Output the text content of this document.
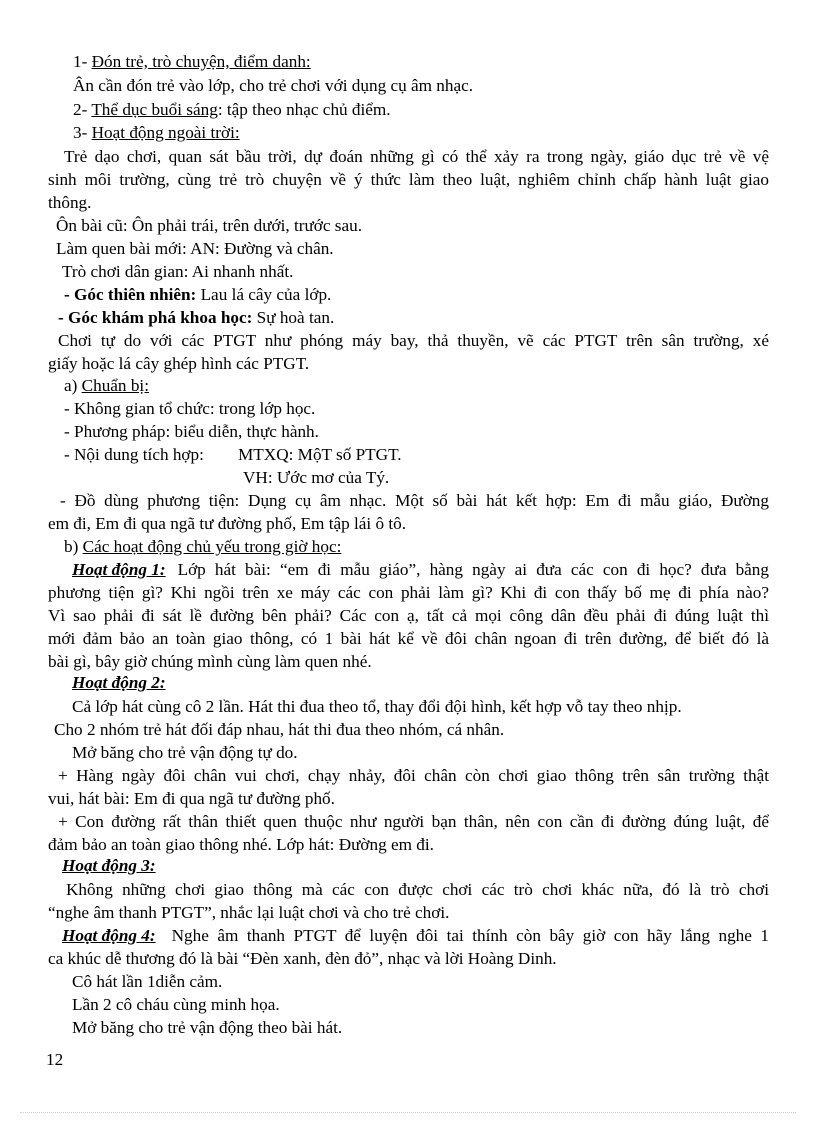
1- Đón trẻ, trò chuyện, điểm danh:
Ân cần đón trẻ vào lớp, cho trẻ chơi với dụng cụ âm nhạc.
2- Thể dục buổi sáng: tập theo nhạc chủ điểm.
3- Hoạt động ngoài trời:
Trẻ dạo chơi, quan sát bầu trời, dự đoán những gì có thể xảy ra trong ngày, giáo dục trẻ về vệ
sinh môi trường, cùng trẻ trò chuyện về ý thức làm theo luật, nghiêm chỉnh chấp hành luật giao
thông.
Ôn bài cũ: Ôn phải trái, trên dưới, trước sau.
Làm quen bài mới: AN: Đường và chân.
Trò chơi dân gian: Ai nhanh nhất.
- Góc thiên nhiên: Lau lá cây của lớp.
- Góc khám phá khoa học: Sự hoà tan.
Chơi tự do với các PTGT như phóng máy bay, thả thuyền, vẽ các PTGT trên sân trường, xé
giấy hoặc lá cây ghép hình các PTGT.
a) Chuẩn bị:
- Không gian tổ chức: trong lớp học.
- Phương pháp: biểu diễn, thực hành.
- Nội dung tích hợp: MTXQ: MộT số PTGT.
VH: Ước mơ của Tý.
- Đồ dùng phương tiện: Dụng cụ âm nhạc. Một số bài hát kết hợp: Em đi mẫu giáo, Đường
em đi, Em đi qua ngã tư đường phố, Em tập lái ô tô.
b) Các hoạt động chủ yếu trong giờ học:
Hoạt động 1: Lớp hát bài: “em đi mẫu giáo”, hàng ngày ai đưa các con đi học? đưa bằng
phương tiện gì? Khi ngồi trên xe máy các con phải làm gì? Khi đi con thấy bố mẹ đi phía nào?
Vì sao phải đi sát lề đường bên phải? Các con ạ, tất cả mọi công dân đều phải đi đúng luật thì
mới đảm bảo an toàn giao thông, có 1 bài hát kể về đôi chân ngoan đi trên đường, để biết đó là
bài gì, bây giờ chúng mình cùng làm quen nhé.
Hoạt động 2:
Cả lớp hát cùng cô 2 lần. Hát thi đua theo tổ, thay đổi đội hình, kết hợp vỗ tay theo nhịp.
Cho 2 nhóm trẻ hát đối đáp nhau, hát thi đua theo nhóm, cá nhân.
Mở băng cho trẻ vận động tự do.
+ Hàng ngày đôi chân vui chơi, chạy nhảy, đôi chân còn chơi giao thông trên sân trường thật
vui, hát bài: Em đi qua ngã tư đường phố.
+ Con đường rất thân thiết quen thuộc như người bạn thân, nên con cần đi đường đúng luật, để
đảm bảo an toàn giao thông nhé. Lớp hát: Đường em đi.
Hoạt động 3:
Không những chơi giao thông mà các con được chơi các trò chơi khác nữa, đó là trò chơi
“nghe âm thanh PTGT”, nhắc lại luật chơi và cho trẻ chơi.
Hoạt động 4: Nghe âm thanh PTGT để luyện đôi tai thính còn bây giờ con hãy lắng nghe 1
ca khúc dễ thương đó là bài “Đèn xanh, đèn đỏ”, nhạc và lời Hoàng Dinh.
Cô hát lần 1diễn cảm.
Lần 2 cô cháu cùng minh họa.
Mở băng cho trẻ vận động theo bài hát.
12
